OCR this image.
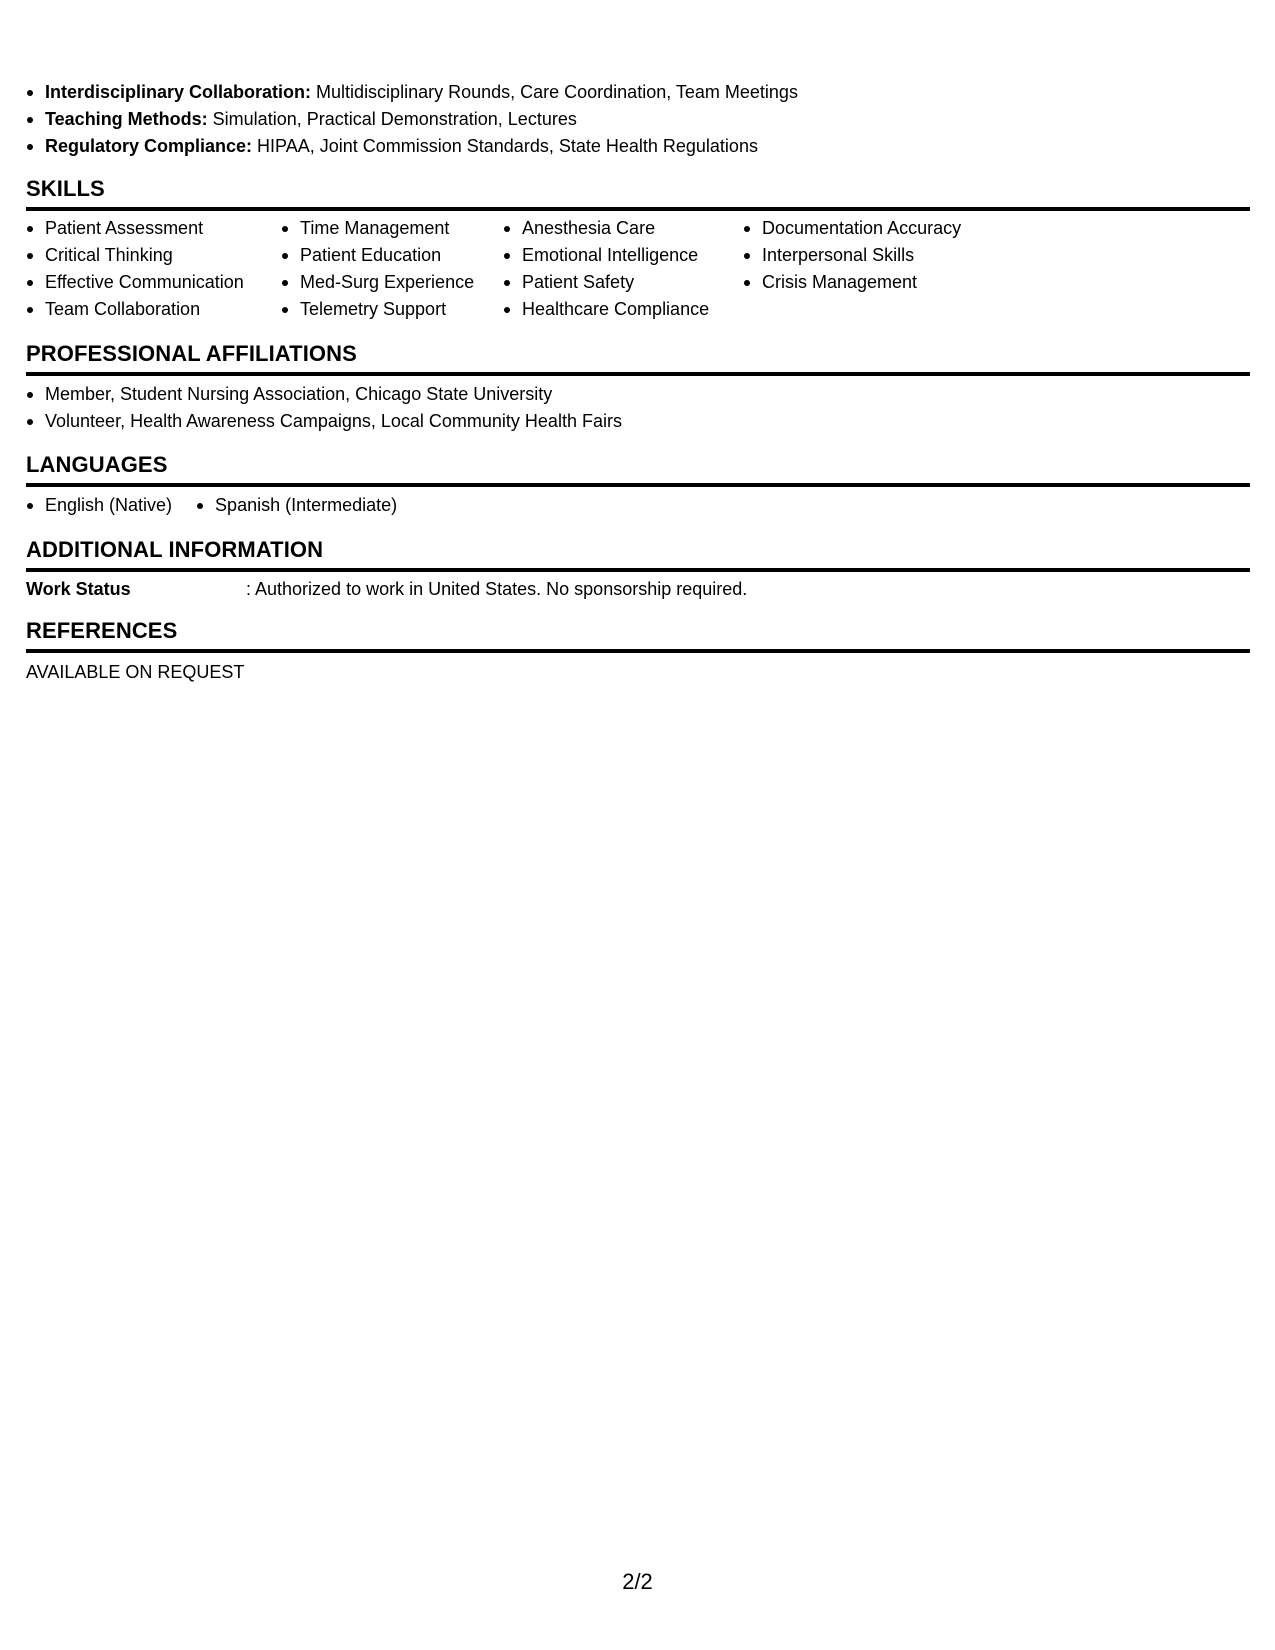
Interdisciplinary Collaboration: Multidisciplinary Rounds, Care Coordination, Team Meetings
Teaching Methods: Simulation, Practical Demonstration, Lectures
Regulatory Compliance: HIPAA, Joint Commission Standards, State Health Regulations
SKILLS
Patient Assessment
Critical Thinking
Effective Communication
Team Collaboration
Time Management
Patient Education
Med-Surg Experience
Telemetry Support
Anesthesia Care
Emotional Intelligence
Patient Safety
Healthcare Compliance
Documentation Accuracy
Interpersonal Skills
Crisis Management
PROFESSIONAL AFFILIATIONS
Member, Student Nursing Association, Chicago State University
Volunteer, Health Awareness Campaigns, Local Community Health Fairs
LANGUAGES
English (Native)	Spanish (Intermediate)
ADDITIONAL INFORMATION
Work Status	: Authorized to work in United States. No sponsorship required.
REFERENCES
AVAILABLE ON REQUEST
2/2
